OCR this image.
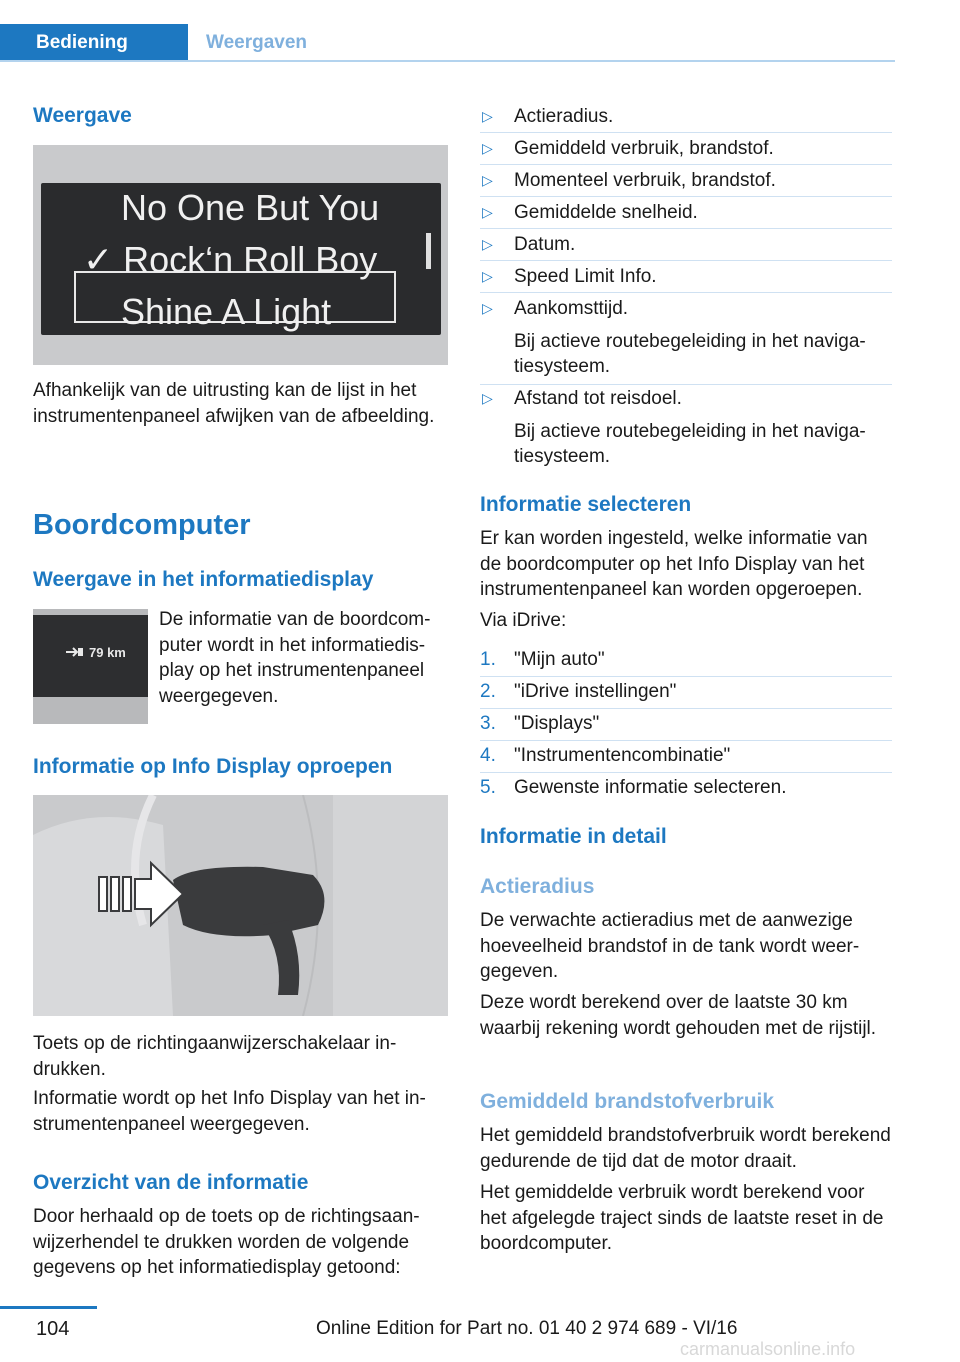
Bediening	Weergaven
Weergave
No One But You
✓ Rock‘n Roll Boy
Shine A Light

Afhankelijk van de uitrusting kan de lijst in het instrumentenpaneel afwijken van de afbeelding.

Boordcomputer
Weergave in het informatiedisplay
79 km

De informatie van de boordcomputer wordt in het informatiedisplay op het instrumentenpaneel weergegeven.

Informatie op Info Display oproepen

Toets op de richtingaanwijzerschakelaar indrukken.

Informatie wordt op het Info Display van het instrumentenpaneel weergegeven.

Overzicht van de informatie

Door herhaald op de toets op de richtingsaanwijzerhendel te drukken worden de volgende gegevens op het informatiedisplay getoond:

▷ Actieradius.
▷ Gemiddeld verbruik, brandstof.
▷ Momenteel verbruik, brandstof.
▷ Gemiddelde snelheid.
▷ Datum.
▷ Speed Limit Info.
▷ Aankomsttijd.
Bij actieve routebegeleiding in het navigatiesysteem.
▷ Afstand tot reisdoel.
Bij actieve routebegeleiding in het navigatiesysteem.
Informatie selecteren

Er kan worden ingesteld, welke informatie van de boordcomputer op het Info Display van het instrumentenpaneel kan worden opgeroepen.

Via iDrive:

1. "Mijn auto"
2. "iDrive instellingen"
3. "Displays"
4. "Instrumentencombinatie"
5. Gewenste informatie selecteren.
Informatie in detail
Actieradius

De verwachte actieradius met de aanwezige hoeveelheid brandstof in de tank wordt weergegeven.

Deze wordt berekend over de laatste 30 km waarbij rekening wordt gehouden met de rijstijl.

Gemiddeld brandstofverbruik

Het gemiddeld brandstofverbruik wordt berekend gedurende de tijd dat de motor draait.

Het gemiddelde verbruik wordt berekend voor het afgelegde traject sinds de laatste reset in de boordcomputer.

104	Online Edition for Part no. 01 40 2 974 689 - VI/16
carmanualsonline.info
